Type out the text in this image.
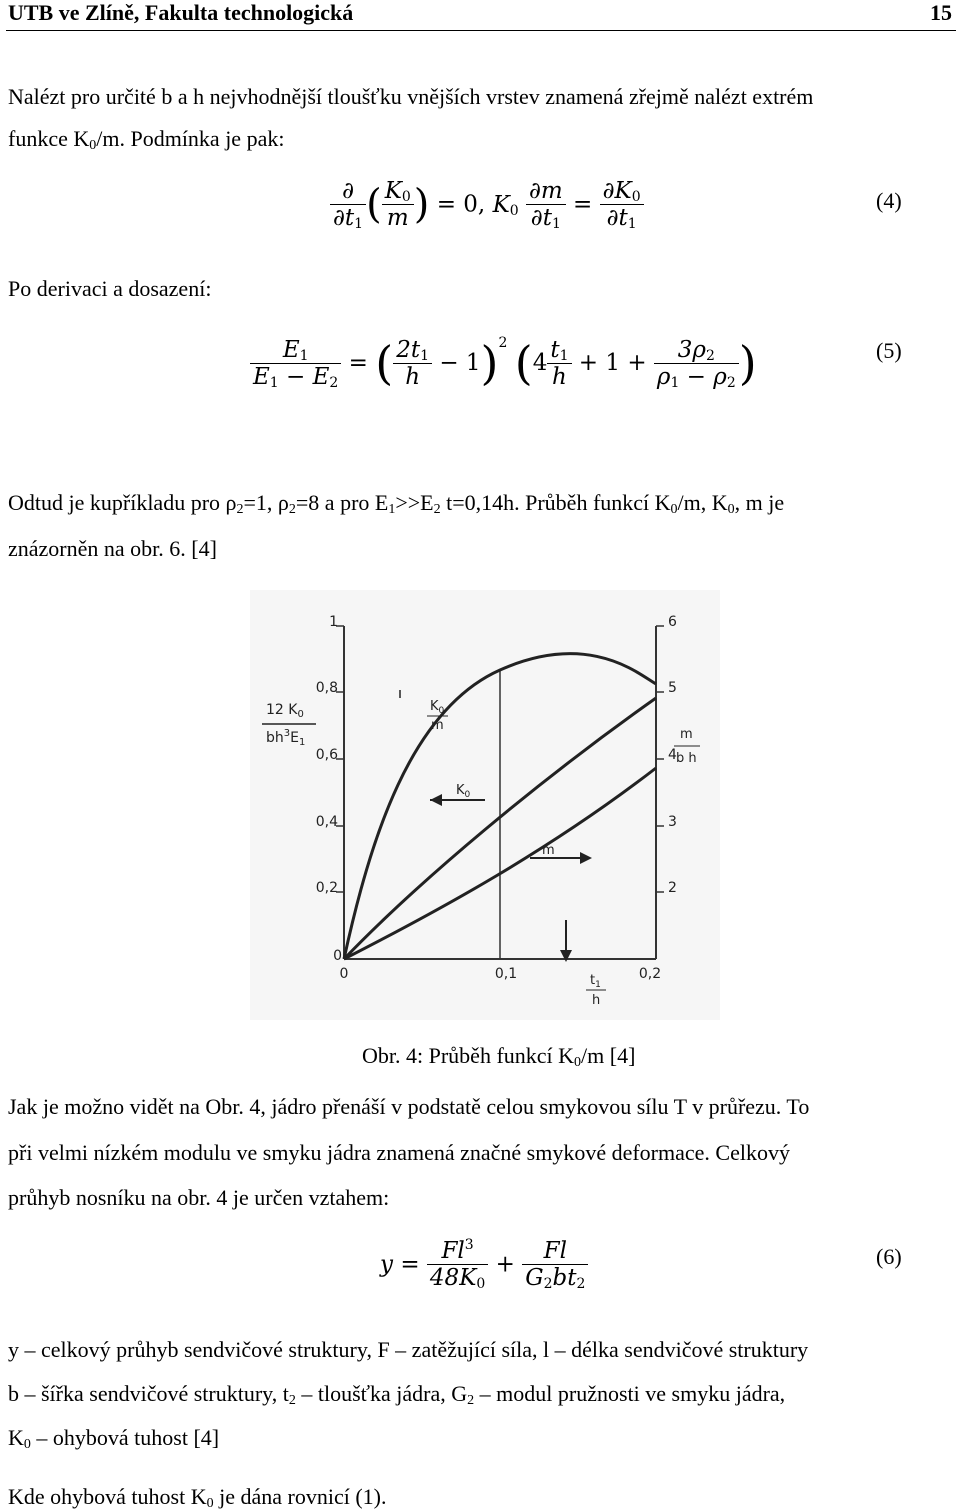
UTB ve Zlíně, Fakulta technologická	15
Nalézt pro určité b a h nejvhodnější tloušťku vnějších vrstev znamená zřejmě nalézt extrém
funkce $K_0/m$. Podmínka je pak:
$\frac{\partial}{\partial t_1}$ ( $\frac{K_0}{m}$ ) = 0, $K_0 \frac{\partial m}{\partial t_1} = \frac{\partial K_0}{\partial t_1}$	(4)
Po derivaci a dosazení:
$\frac{E_1}{E_1 - E_2}$ = ( $\frac{2t_1}{h} - 1)^2$ ($4 \frac{t_1}{h} + 1 + \frac{3\rho_2}{\rho_1 - \rho_2}$ )	(5)
Odtud je kupříkladu pro $\rho_2=1$, $\rho_2=8$ a pro $E_1>>E_2$ t=0,14h. Průběh funkcí $K_0/m$, $K_0$, m je
znázorněn na obr. 6. [4]
1
0,8
0,6
0,4
0,2
0
6
5
4
3
2
0	0,1	0,2
12 $K_0$
$bh^3E_1$
$K_0$
m
$K_0$
m
m
b h
$t_1$
h
Obr. 4: Průběh funkcí $K_0/m$ [4]
Jak je možno vidět na Obr. 4, jádro přenáší v podstatě celou smykovou sílu T v průřezu. To
při velmi nízkém modulu ve smyku jádra znamená značné smykové deformace. Celkový
průhyb nosníku na obr. 4 je určen vztahem:
$y = \frac{Fl^3}{48K_0} + \frac{Fl}{G_2bt_2}$	(6)
y – celkový průhyb sendvičové struktury, F – zatěžující síla, l – délka sendvičové struktury
b – šířka sendvičové struktury, $t_2$ – tloušťka jádra, $G_2$ – modul pružnosti ve smyku jádra,
$K_0$ – ohybová tuhost [4]
Kde ohybová tuhost $K_0$ je dána rovnicí (1).
